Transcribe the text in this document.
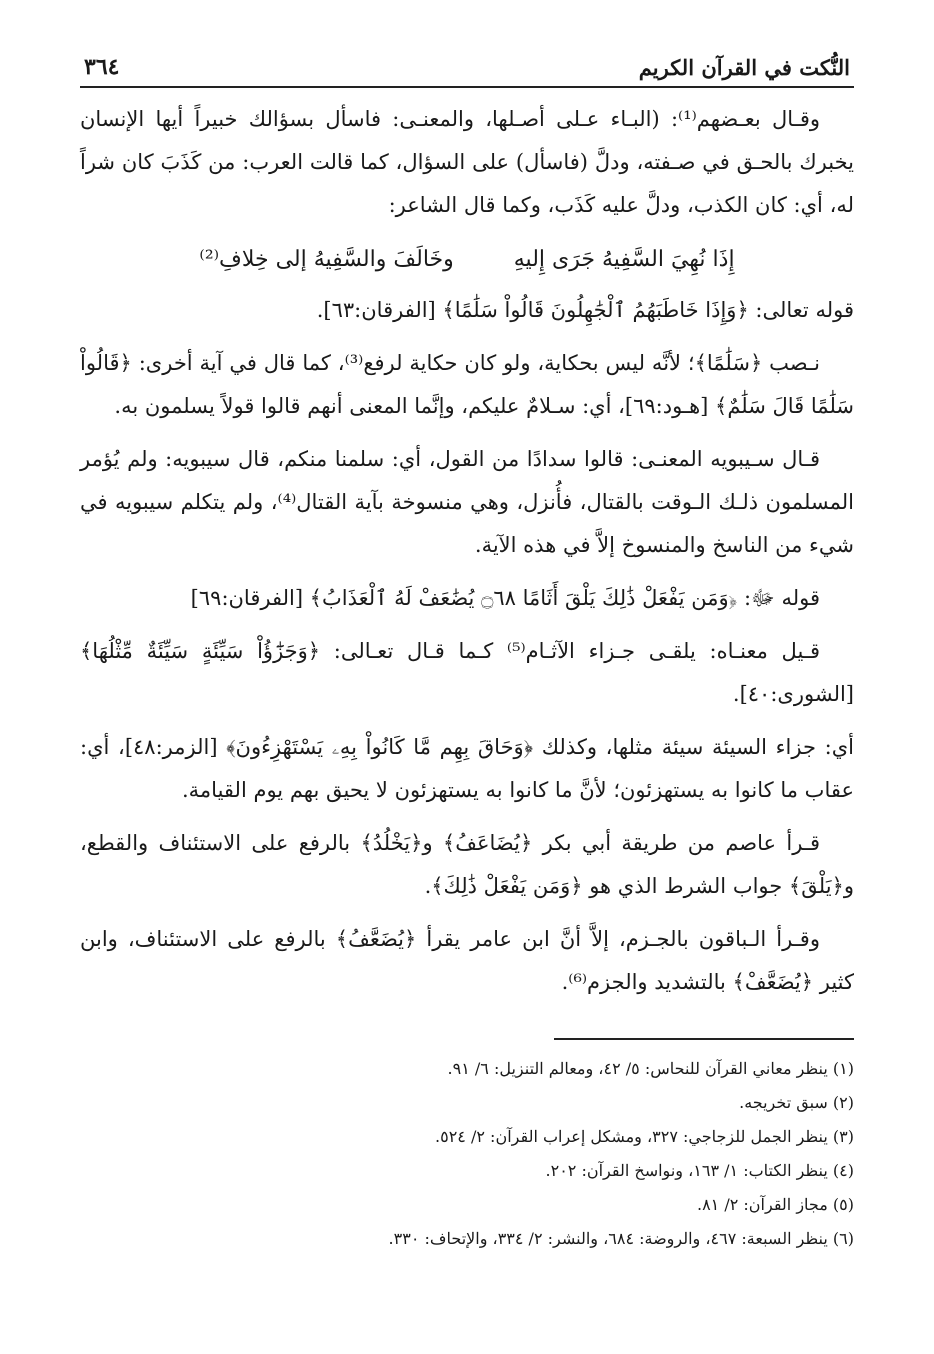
النُّكت في القرآن الكريم
٣٦٤

وقـال بعـضهم⁽¹⁾: (البـاء عـلى أصـلها، والمعنـى: فاسأل بسؤالك خبيراً أيها الإنسان يخبرك بالحـق في صـفته، ودلَّ (فاسأل) على السؤال، كما قالت العرب: من كَذَبَ كان شراً له، أي: كان الكذب، ودلَّ عليه كَذَب، وكما قال الشاعر:

إِذَا نُهِيَ السَّفِيهُ جَرَى إِليهِ
وخَالَفَ والسَّفِيهُ إلى خِلافِ⁽²⁾

قوله تعالى: ﴿وَإِذَا خَاطَبَهُمُ ٱلْجَٰهِلُونَ قَالُواْ سَلَٰمًا﴾ [الفرقان:٦٣].

نـصب ﴿سَلَٰمًا﴾؛ لأنَّه ليس بحكاية، ولو كان حكاية لرفع⁽³⁾، كما قال في آية أخرى: ﴿قَالُواْ سَلَٰمًا قَالَ سَلَٰمٌ﴾ [هـود:٦٩]، أي: سـلامٌ عليكم، وإنَّما المعنى أنهم قالوا قولاً يسلمون به.

قـال سـيبويه المعنـى: قالوا سدادًا من القول، أي: سلمنا منكم، قال سيبويه: ولم يُؤمر المسلمون ذلـك الـوقت بالقتال، فأُنزل، وهي منسوخة بآية القتال⁽⁴⁾، ولم يتكلم سيبويه في شيء من الناسخ والمنسوخ إلاَّ في هذه الآية.

قوله ﷻ: ﴿وَمَن يَفْعَلْ ذَٰلِكَ يَلْقَ أَثَامًا ۝٦٨ يُضَٰعَفْ لَهُ ٱلْعَذَابُ﴾ [الفرقان:٦٩]

قـيل معنـاه: يلقـى جـزاء الآثـام⁽⁵⁾ كـما قـال تعـالى: ﴿وَجَزَٰٓؤُاْ سَيِّئَةٍ سَيِّئَةٌ مِّثْلُهَا﴾ [الشورى:٤٠].

أي: جزاء السيئة سيئة مثلها، وكذلك ﴿وَحَاقَ بِهِم مَّا كَانُواْ بِهِۦ يَسْتَهْزِءُونَ﴾ [الزمر:٤٨]، أي: عقاب ما كانوا به يستهزئون؛ لأنَّ ما كانوا به يستهزئون لا يحيق بهم يوم القيامة.

قـرأ عاصم من طريقة أبي بكر ﴿يُضَاعَفُ﴾ و﴿يَخْلُدُ﴾ بالرفع على الاستئناف والقطع، و﴿يَلْقَ﴾ جواب الشرط الذي هو ﴿وَمَن يَفْعَلْ ذَٰلِكَ﴾.

وقـرأ الـباقون بالجـزم، إلاَّ أنَّ ابن عامر يقرأ ﴿يُضَعَّفُ﴾ بالرفع على الاستئناف، وابن كثير ﴿يُضَعَّفْ﴾ بالتشديد والجزم⁽⁶⁾.

(١) ينظر معاني القرآن للنحاس: ٥/ ٤٢، ومعالم التنزيل: ٦/ ٩١.

(٢) سبق تخريجه.

(٣) ينظر الجمل للزجاجي: ٣٢٧، ومشكل إعراب القرآن: ٢/ ٥٢٤.

(٤) ينظر الكتاب: ١/ ١٦٣، ونواسخ القرآن: ٢٠٢.

(٥) مجاز القرآن: ٢/ ٨١.

(٦) ينظر السبعة: ٤٦٧، والروضة: ٦٨٤، والنشر: ٢/ ٣٣٤، والإتحاف: ٣٣٠.
